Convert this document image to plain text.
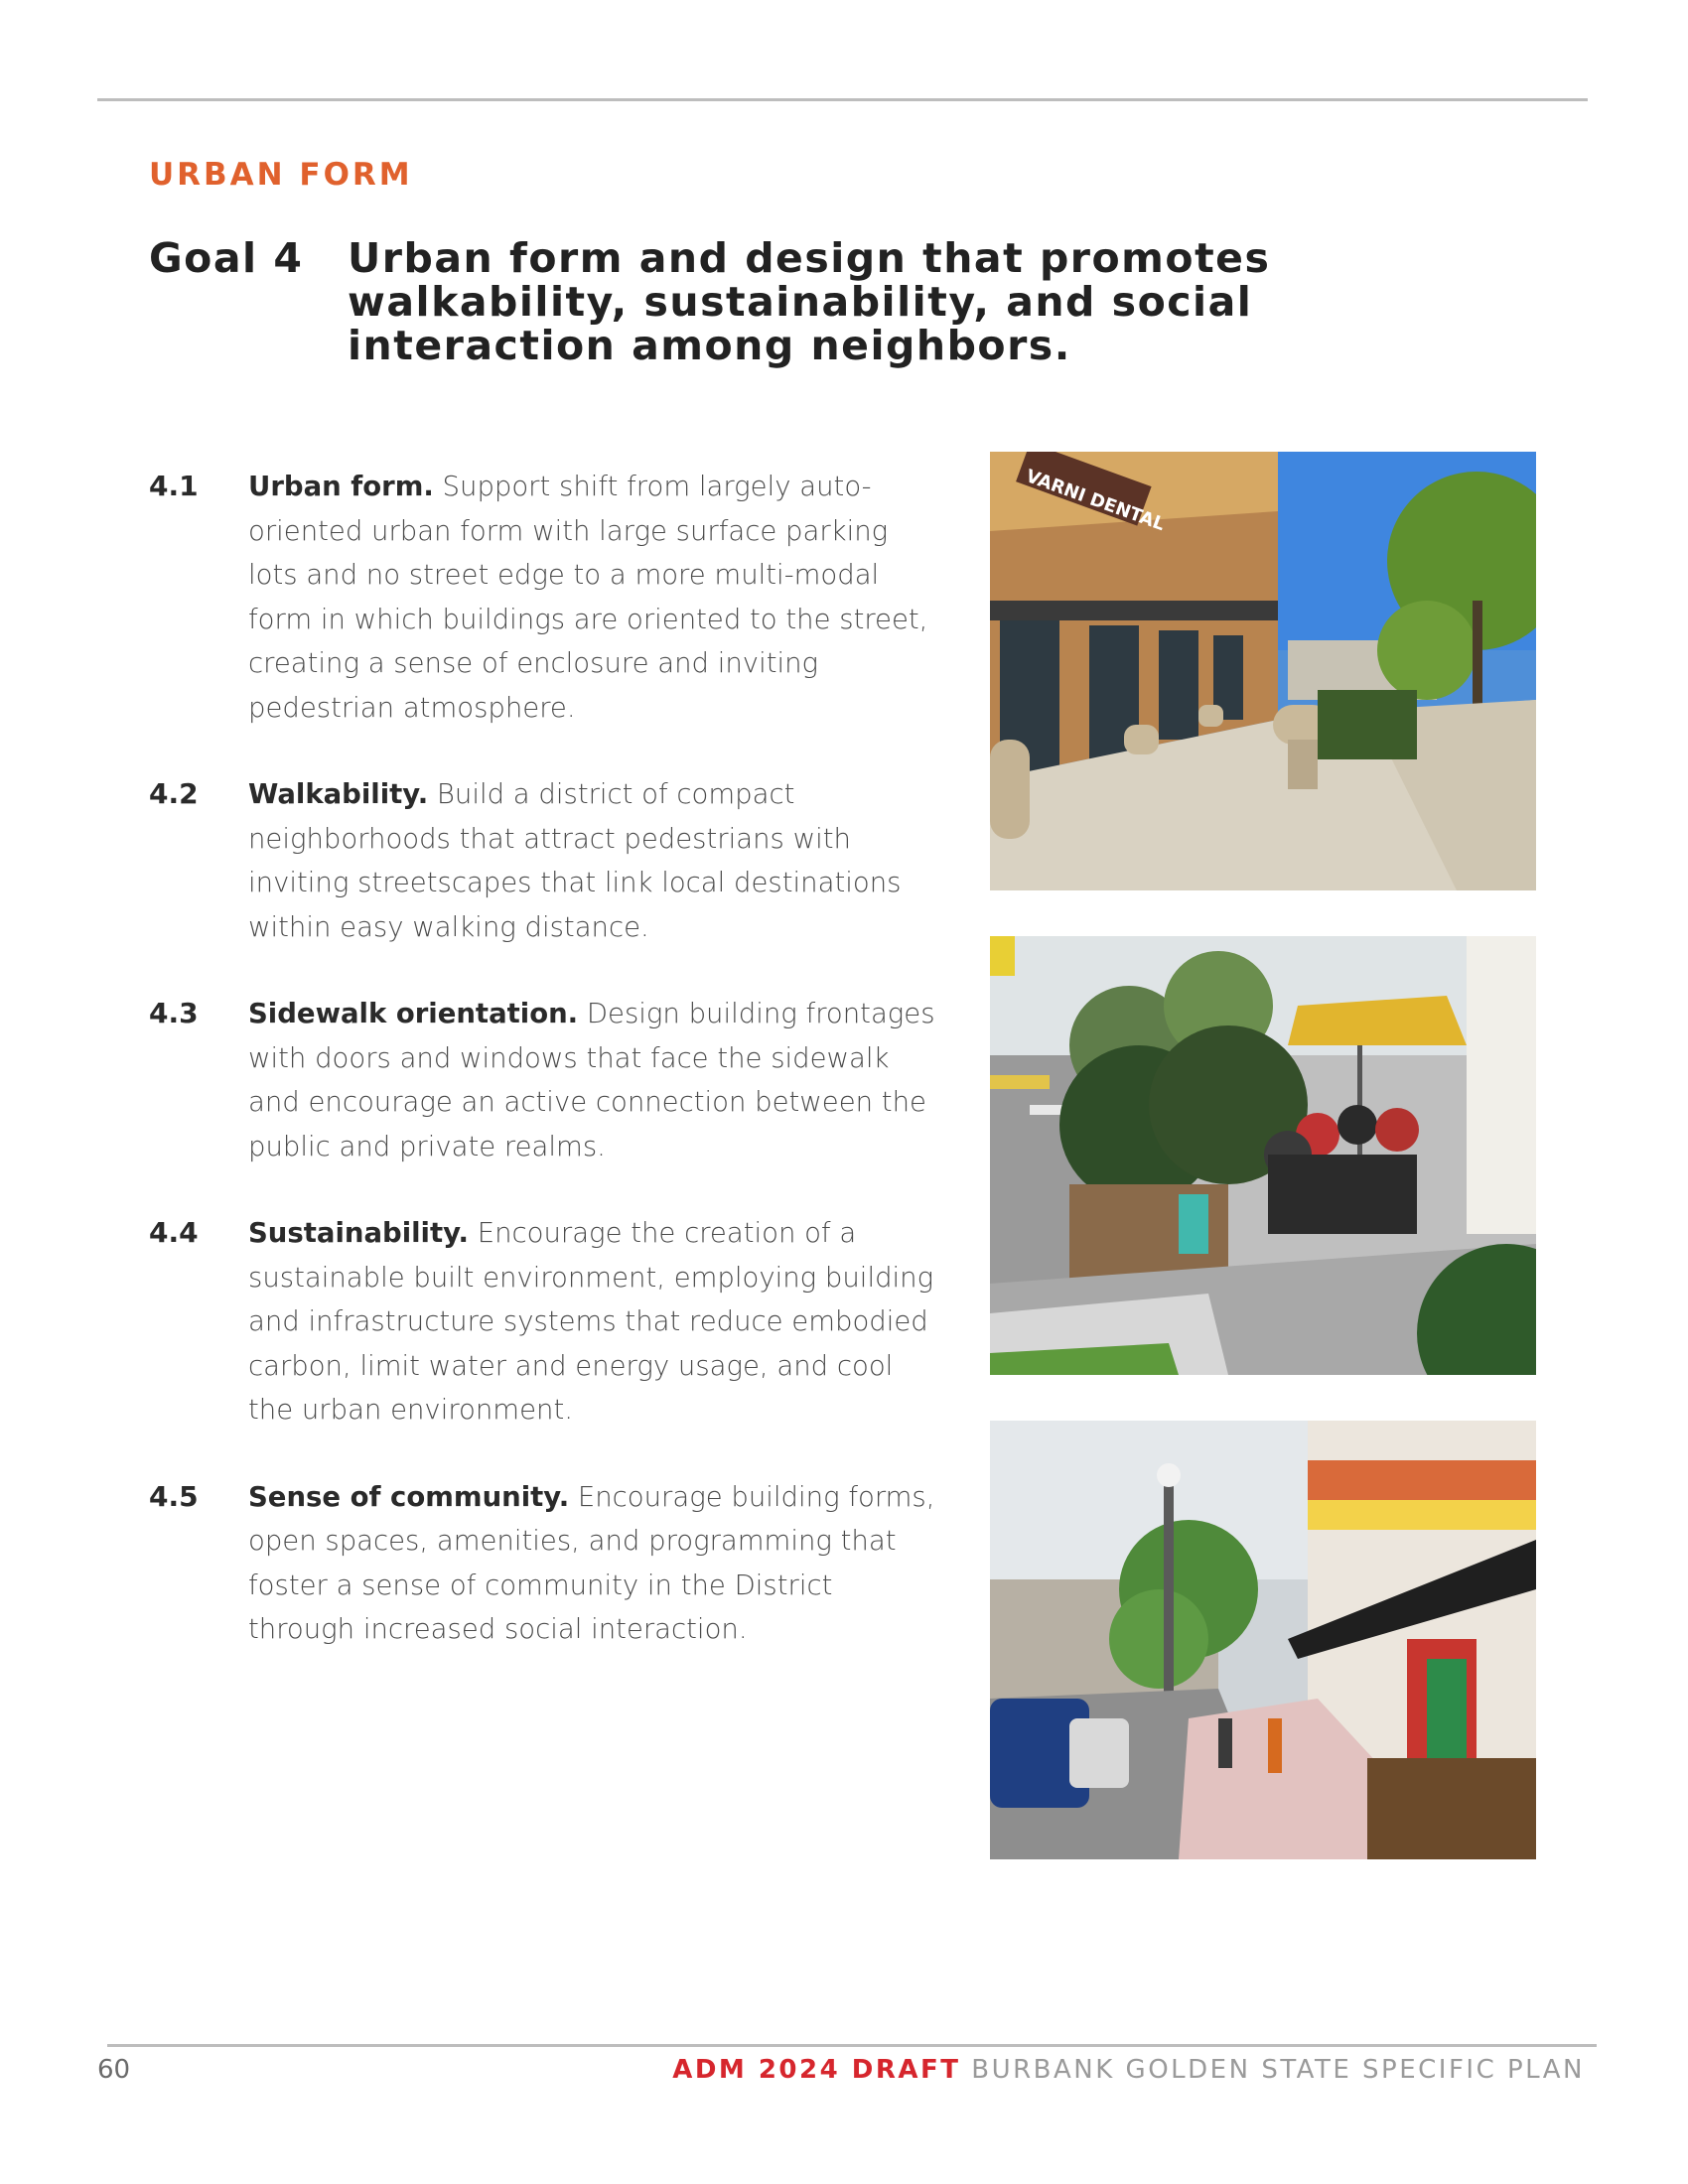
URBAN FORM
Goal 4 Urban form and design that promotes walkability, sustainability, and social interaction among neighbors.
4.1 Urban form. Support shift from largely auto-oriented urban form with large surface parking lots and no street edge to a more multi-modal form in which buildings are oriented to the street, creating a sense of enclosure and inviting pedestrian atmosphere.
4.2 Walkability. Build a district of compact neighborhoods that attract pedestrians with inviting streetscapes that link local destinations within easy walking distance.
4.3 Sidewalk orientation. Design building frontages with doors and windows that face the sidewalk and encourage an active connection between the public and private realms.
4.4 Sustainability. Encourage the creation of a sustainable built environment, employing building and infrastructure systems that reduce embodied carbon, limit water and energy usage, and cool the urban environment.
4.5 Sense of community. Encourage building forms, open spaces, amenities, and programming that foster a sense of community in the District through increased social interaction.
VARNI DENTAL
60	ADM 2024 DRAFT BURBANK GOLDEN STATE SPECIFIC PLAN
